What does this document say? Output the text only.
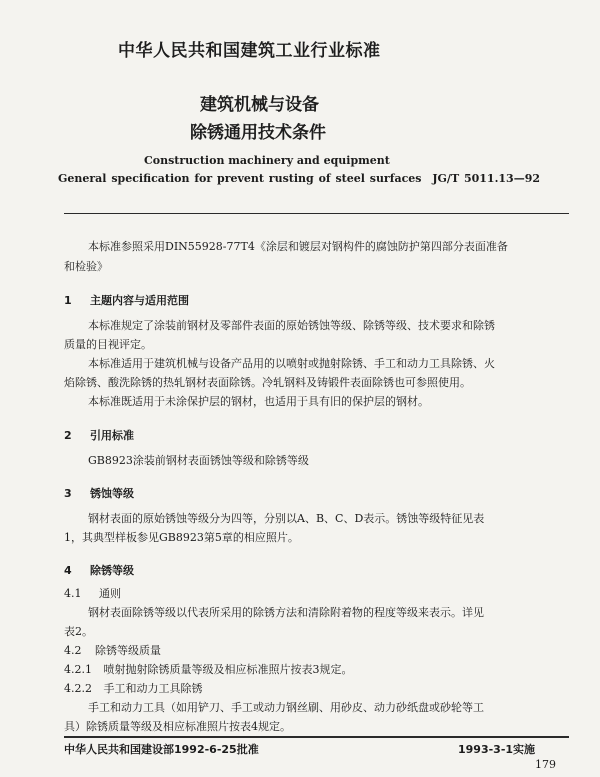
中华人民共和国建筑工业行业标准
建筑机械与设备
除锈通用技术条件
Construction machinery and equipment
General specification for prevent rusting of steel surfaces JG/T 5011.13—92
本标准参照采用DIN55928-77T4《涂层和镀层对钢构件的腐蚀防护第四部分表面准备
和检验》
1 主题内容与适用范围
本标准规定了涂装前钢材及零部件表面的原始锈蚀等级、除锈等级、技术要求和除锈
质量的目视评定。
本标准适用于建筑机械与设备产品用的以喷射或抛射除锈、手工和动力工具除锈、火
焰除锈、酸洗除锈的热轧钢材表面除锈。冷轧钢料及铸锻件表面除锈也可参照使用。
本标准既适用于未涂保护层的钢材，也适用于具有旧的保护层的钢材。
2 引用标准
GB8923涂装前钢材表面锈蚀等级和除锈等级
3 锈蚀等级
钢材表面的原始锈蚀等级分为四等，分别以A、B、C、D表示。锈蚀等级特征见表
1，其典型样板参见GB8923第5章的相应照片。
4 除锈等级
4.1 通则
钢材表面除锈等级以代表所采用的除锈方法和清除附着物的程度等级来表示。详见
表2。
4.2 除锈等级质量
4.2.1 喷射抛射除锈质量等级及相应标准照片按表3规定。
4.2.2 手工和动力工具除锈
手工和动力工具（如用铲刀、手工或动力钢丝刷、用砂皮、动力砂纸盘或砂轮等工
具）除锈质量等级及相应标准照片按表4规定。
中华人民共和国建设部1992-6-25批准	1993-3-1实施
179
